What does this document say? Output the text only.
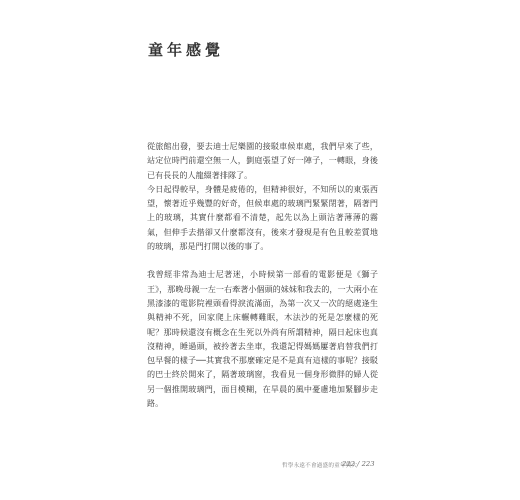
童年感覺

從旅館出發，要去迪士尼樂園的接駁車候車處，我們早來了些，站定位時門前還空無一人，劉庭張望了好一陣子，一轉眼，身後已有長長的人龍綴著排隊了。

今日起得較早，身體是疲倦的，但精神很好，不知所以的東張西望，懷著近乎幾豐的好奇，但候車處的玻璃門緊緊閉著，隔著門上的玻璃，其實什麼都看不清楚，起先以為上頭沾著薄薄的霧氣，但伸手去揩卻又什麼都沒有，後來才發現是有色且較差質地的玻璃，那是門打開以後的事了。

我曾經非常為迪士尼著迷，小時候第一部看的電影便是《獅子王》，那晚母親一左一右牽著小個頭的妹妹和我去的，一大兩小在黑漆漆的電影院裡頭看得淚流滿面，為第一次又一次的絕處逢生與精神不死，回家爬上床輾轉難眠，木法沙的死是怎麼樣的死呢？那時候還沒有概念在生死以外尚有所謂精神，隔日起床也真沒精神，睡過頭，被拎著去坐車，我還記得媽媽屢著肩替我們打包早餐的樣子──其實我不那麼確定是不是真有這樣的事呢？接駁的巴士終於開來了，隔著玻璃窗，我看見一個身形微胖的婦人從另一個推開玻璃門，面目模糊，在旱晨的風中憂慮地加緊腳步走路。

哲學永遠不會過盛的童年與大
222 / 223
